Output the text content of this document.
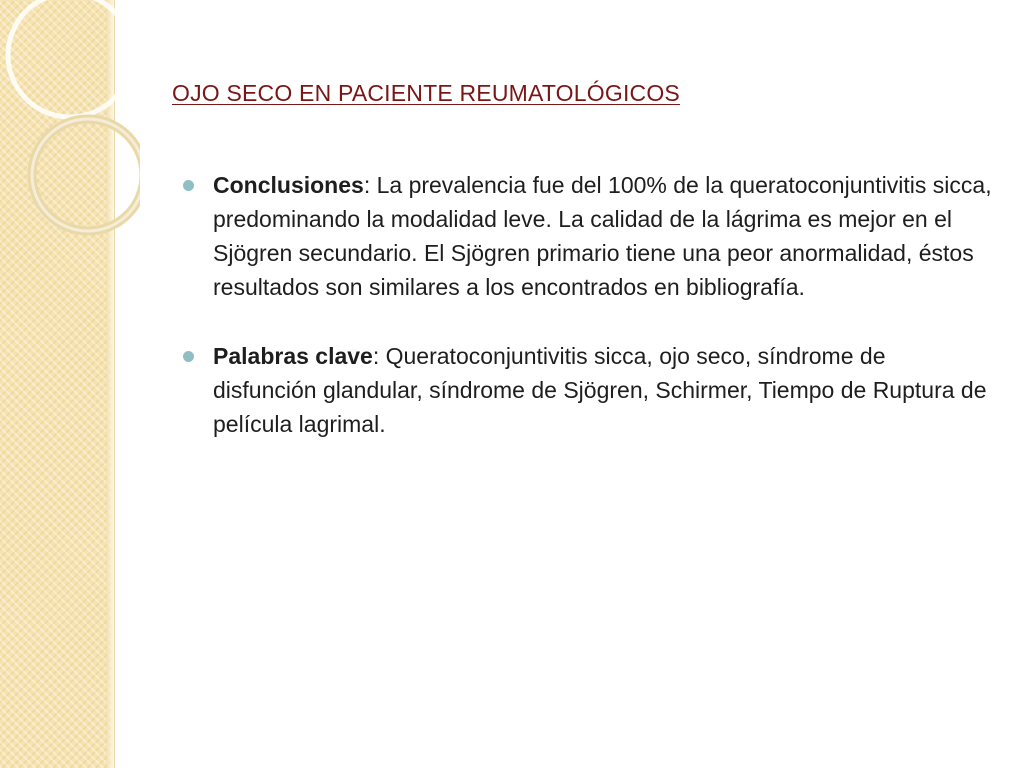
OJO SECO EN PACIENTE REUMATOLÓGICOS
Conclusiones: La prevalencia fue del 100% de la queratoconjuntivitis sicca, predominando la modalidad leve. La calidad de la lágrima es mejor en el Sjögren secundario. El Sjögren primario tiene una peor anormalidad, éstos resultados son similares a los encontrados en bibliografía.
Palabras clave: Queratoconjuntivitis sicca, ojo seco, síndrome de disfunción glandular, síndrome de Sjögren, Schirmer, Tiempo de Ruptura de película lagrimal.
